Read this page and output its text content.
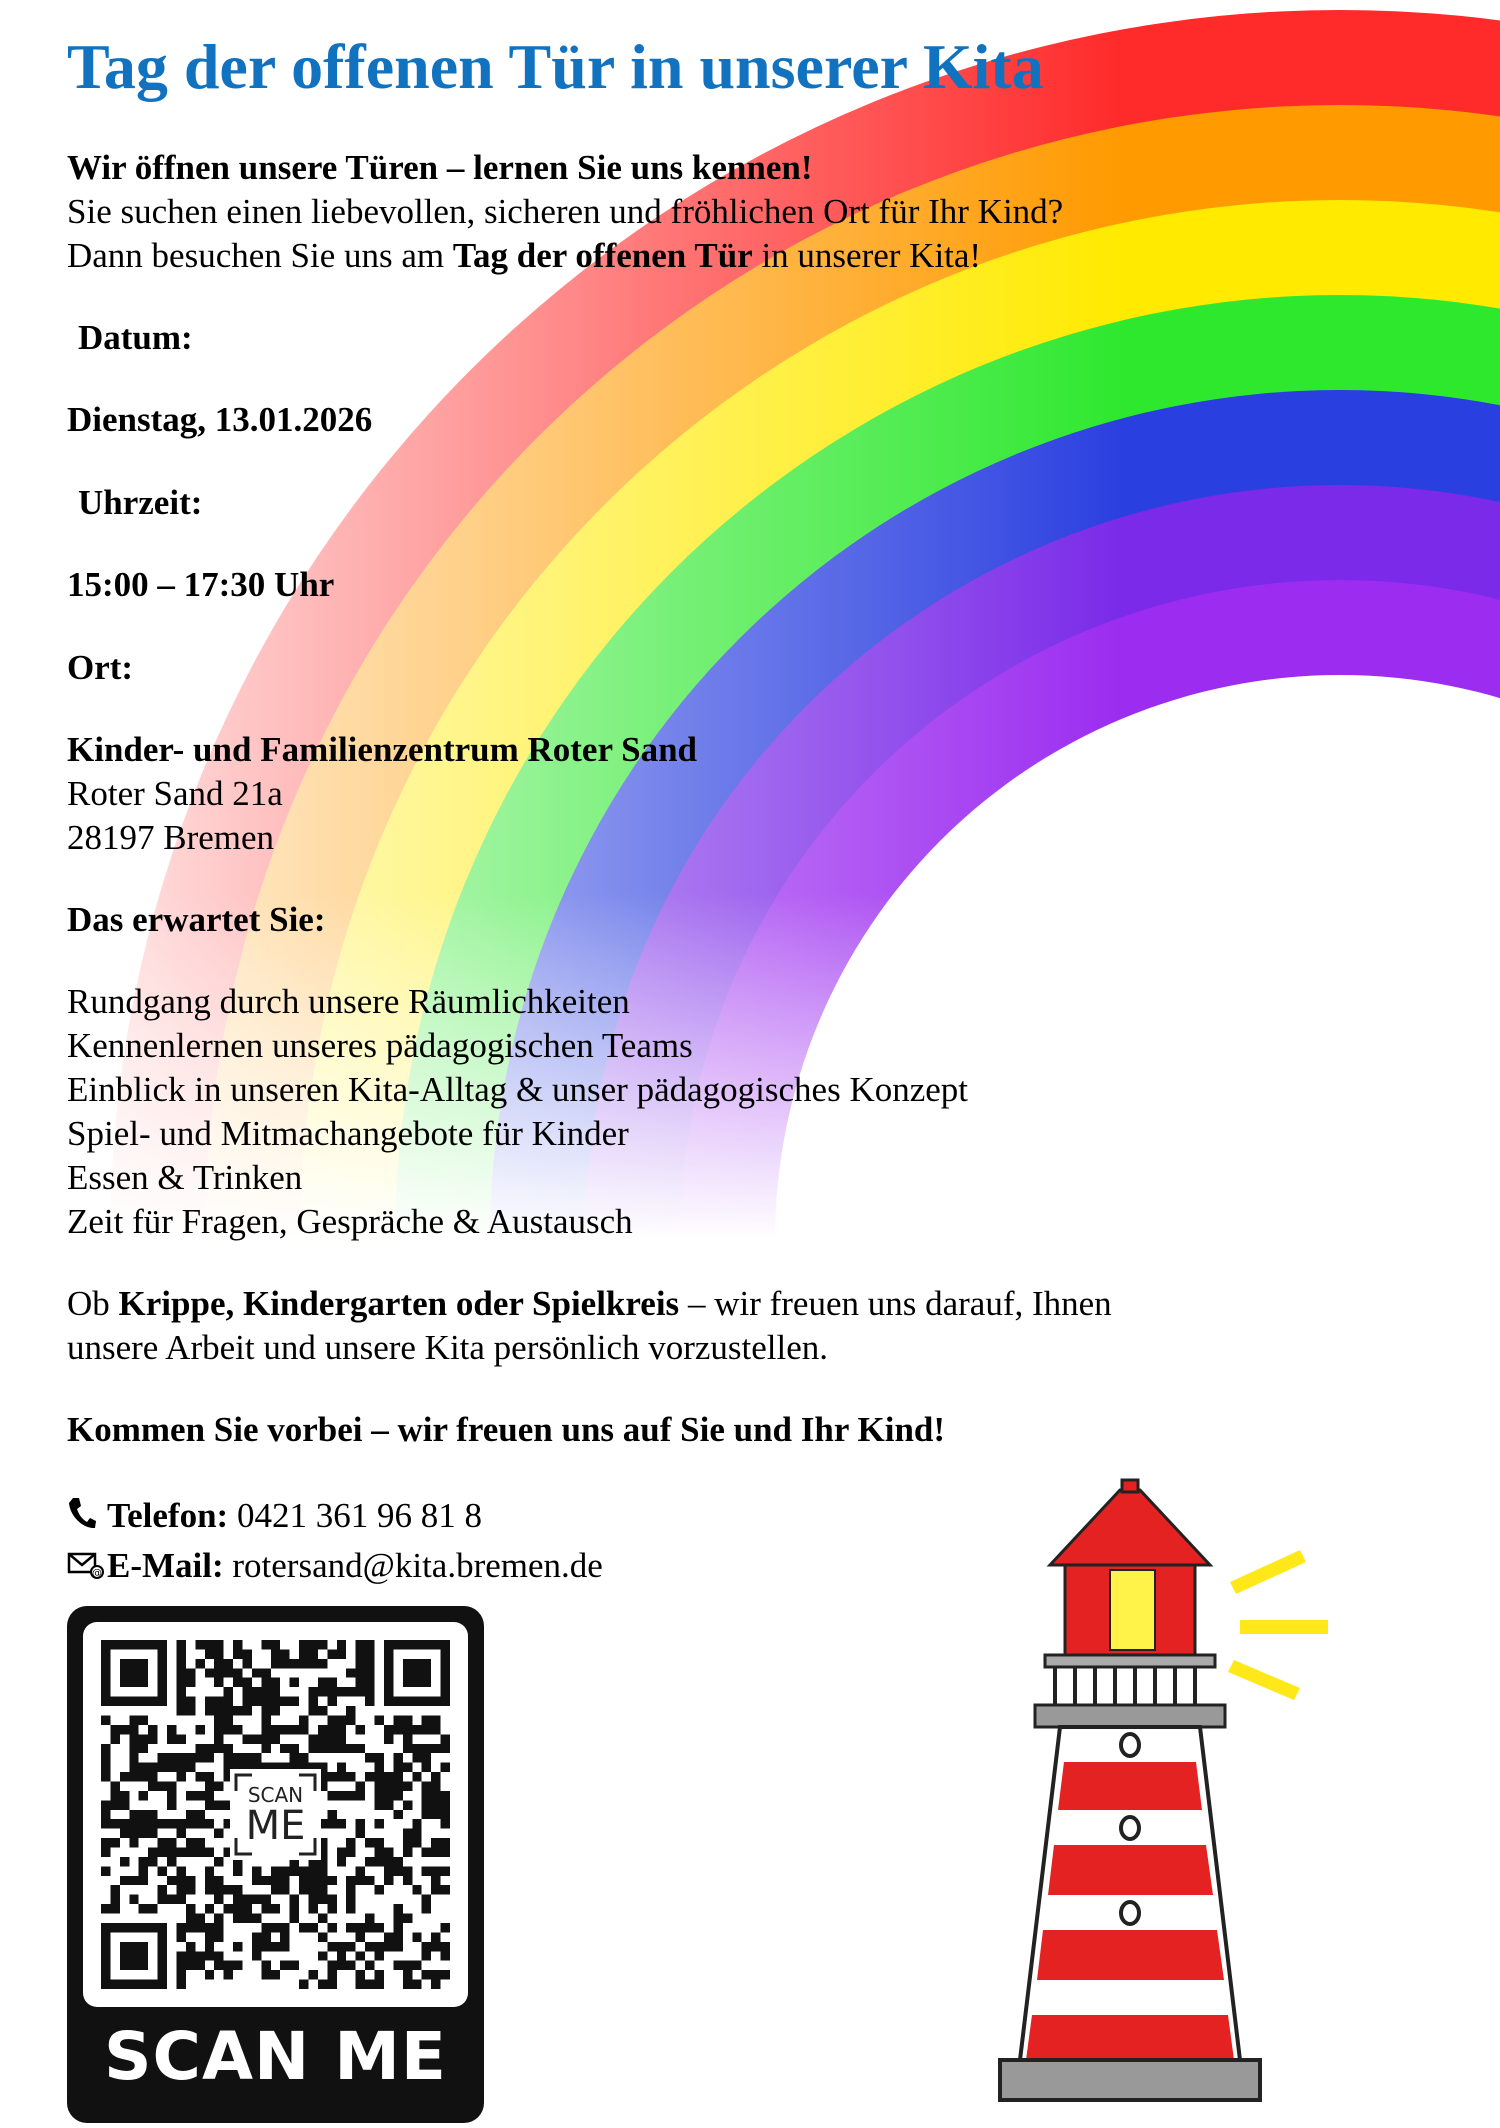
Tag der offenen Tür in unserer Kita

Wir öffnen unsere Türen – lernen Sie uns kennen!

Sie suchen einen liebevollen, sicheren und fröhlichen Ort für Ihr Kind?

Dann besuchen Sie uns am Tag der offenen Tür in unserer Kita!

Datum:

Dienstag, 13.01.2026

Uhrzeit:

15:00 – 17:30 Uhr

Ort:

Kinder- und Familienzentrum Roter Sand

Roter Sand 21a

28197 Bremen

Das erwartet Sie:

Rundgang durch unsere Räumlichkeiten

Kennenlernen unseres pädagogischen Teams

Einblick in unseren Kita-Alltag & unser pädagogisches Konzept

Spiel- und Mitmachangebote für Kinder

Essen & Trinken

Zeit für Fragen, Gespräche & Austausch

Ob Krippe, Kindergarten oder Spielkreis – wir freuen uns darauf, Ihnen

unsere Arbeit und unsere Kita persönlich vorzustellen.

Kommen Sie vorbei – wir freuen uns auf Sie und Ihr Kind!

Telefon: 0421 361 96 81 8

@ E-Mail: rotersand@kita.bremen.de

SCAN
ME
SCAN ME
